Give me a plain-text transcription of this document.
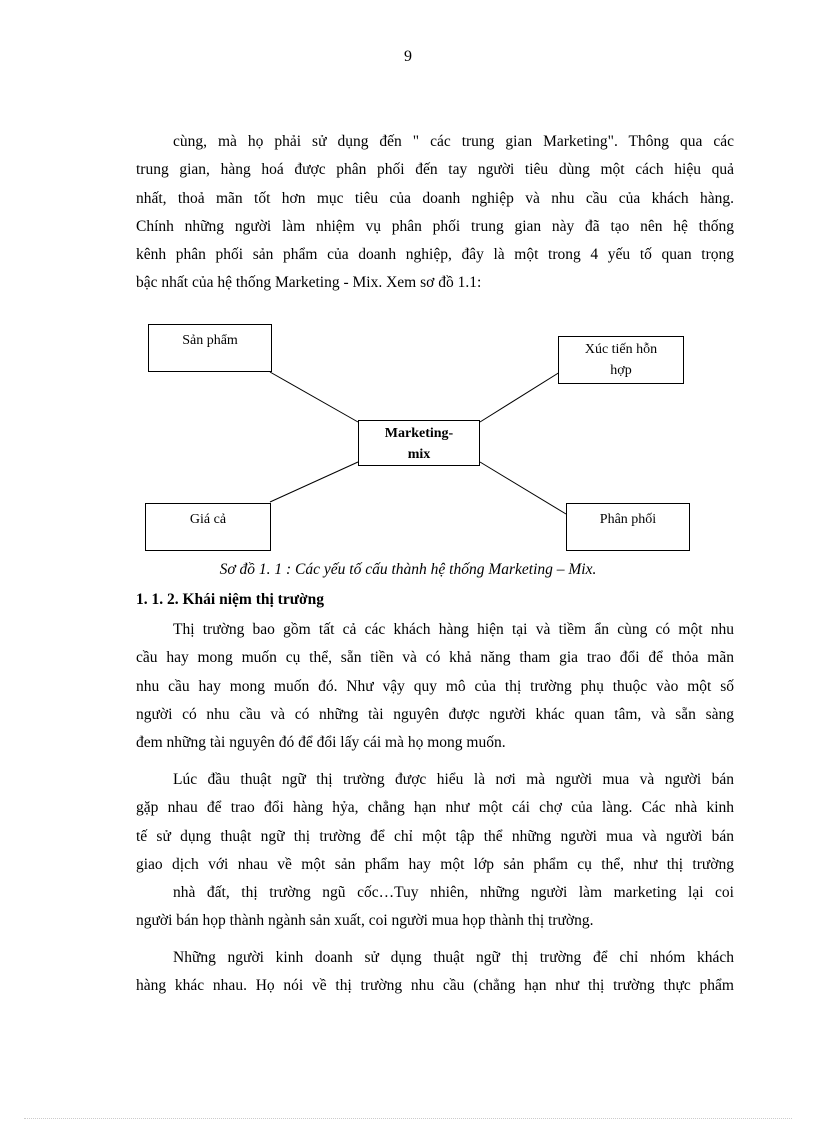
9
cùng, mà họ phải sử dụng đến " các trung gian Marketing". Thông qua các
trung gian, hàng hoá được phân phối đến tay người tiêu dùng một cách hiệu quả
nhất, thoả mãn tốt hơn mục tiêu của doanh nghiệp và nhu cầu của khách hàng.
Chính những người làm nhiệm vụ phân phối trung gian này đã tạo nên hệ thống
kênh phân phối sản phẩm của doanh nghiệp, đây là một trong 4 yếu tố quan trọng
bậc nhất của hệ thống Marketing - Mix. Xem sơ đồ 1.1:
Sản phẩm
Xúc tiến hỗn
hợp
Marketing-
mix
Giá cả	Phân phối
Sơ đồ 1. 1 : Các yếu tố cấu thành hệ thống Marketing – Mix.
1. 1. 2. Khái niệm thị trường
Thị trường bao gồm tất cả các khách hàng hiện tại và tiềm ẩn cùng có một nhu
cầu hay mong muốn cụ thể, sẵn tiền và có khả năng tham gia trao đổi để thỏa mãn
nhu cầu hay mong muốn đó. Như vậy quy mô của thị trường phụ thuộc vào một số
người có nhu cầu và có những tài nguyên được người khác quan tâm, và sẵn sàng
đem những tài nguyên đó để đổi lấy cái mà họ mong muốn.
Lúc đầu thuật ngữ thị trường được hiểu là nơi mà người mua và người bán
gặp nhau để trao đổi hàng hỷa, chẳng hạn như một cái chợ của làng. Các nhà kinh
tế sử dụng thuật ngữ thị trường để chỉ một tập thể những người mua và người bán
giao dịch với nhau về một sản phẩm hay một lớp sản phẩm cụ thể, như thị trường
nhà đất, thị trường ngũ cốc…Tuy nhiên, những người làm marketing lại coi
người bán họp thành ngành sản xuất, coi người mua họp thành thị trường.
Những người kinh doanh sử dụng thuật ngữ thị trường để chỉ nhóm khách
hàng khác nhau. Họ nói về thị trường nhu cầu (chẳng hạn như thị trường thực phẩm
